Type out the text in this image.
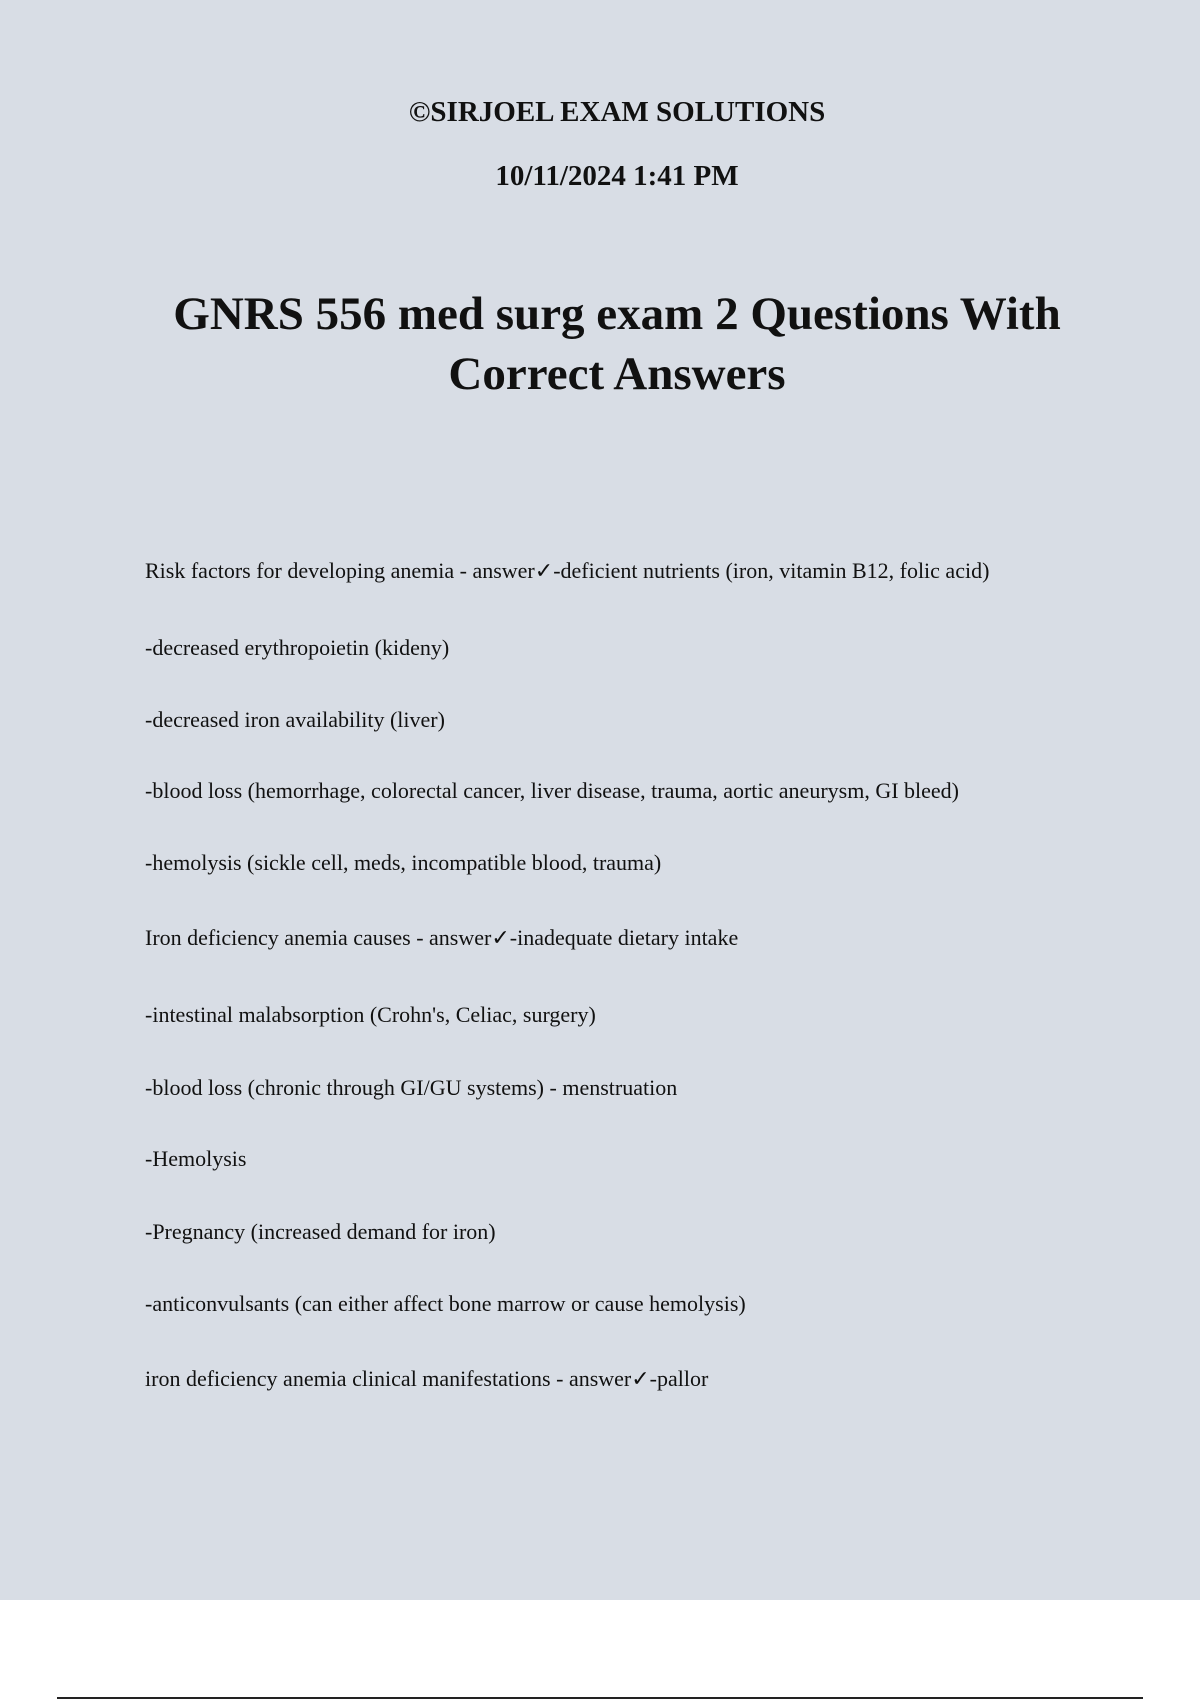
©SIRJOEL EXAM SOLUTIONS
10/11/2024 1:41 PM
GNRS 556 med surg exam 2 Questions With Correct Answers
Risk factors for developing anemia - answer✓-deficient nutrients (iron, vitamin B12, folic acid)
-decreased erythropoietin (kideny)
-decreased iron availability (liver)
-blood loss (hemorrhage, colorectal cancer, liver disease, trauma, aortic aneurysm, GI bleed)
-hemolysis (sickle cell, meds, incompatible blood, trauma)
Iron deficiency anemia causes - answer✓-inadequate dietary intake
-intestinal malabsorption (Crohn's, Celiac, surgery)
-blood loss (chronic through GI/GU systems) - menstruation
-Hemolysis
-Pregnancy (increased demand for iron)
-anticonvulsants (can either affect bone marrow or cause hemolysis)
iron deficiency anemia clinical manifestations - answer✓-pallor
